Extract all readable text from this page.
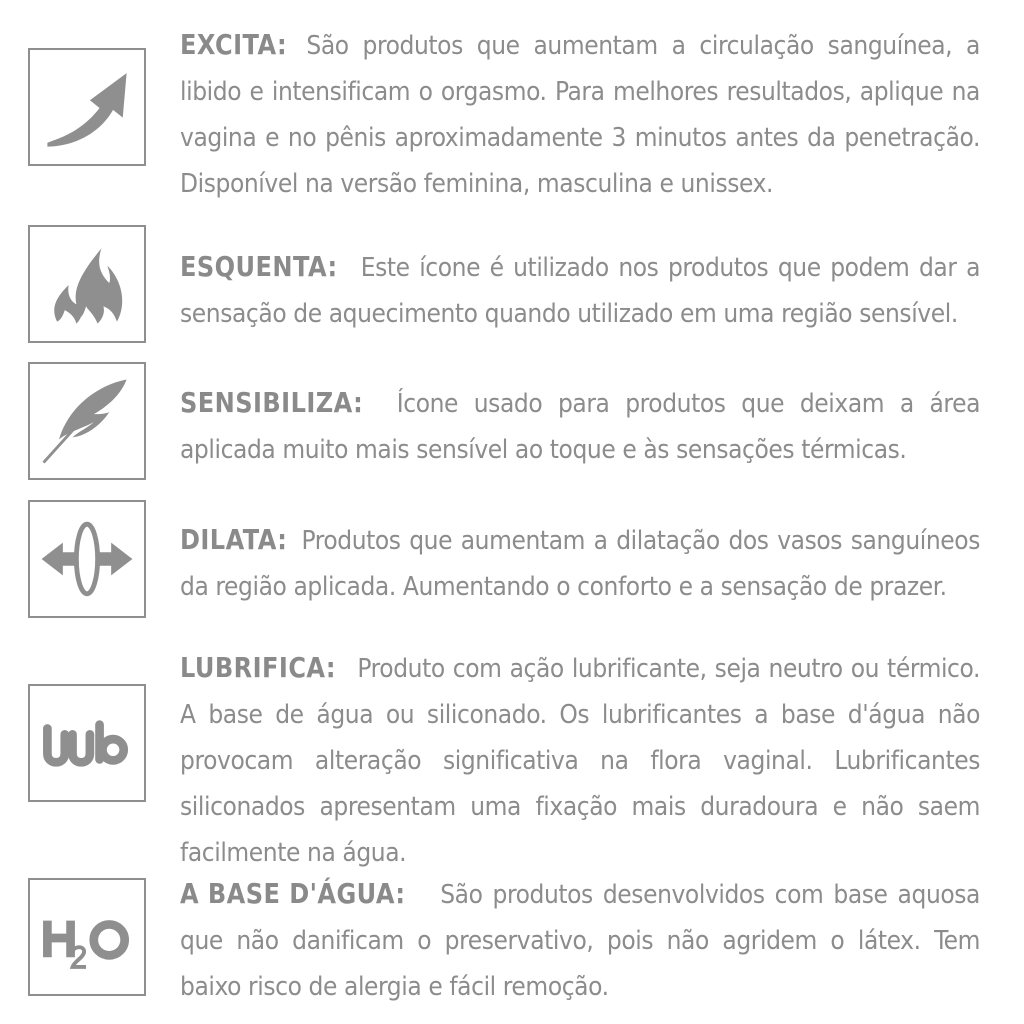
EXCITA: São produtos que aumentam a circulação sanguínea, a libido e intensificam o orgasmo. Para melhores resultados, aplique na vagina e no pênis aproximadamente 3 minutos antes da penetração. Disponível na versão feminina, masculina e unissex.
ESQUENTA: Este ícone é utilizado nos produtos que podem dar a sensação de aquecimento quando utilizado em uma região sensível.
SENSIBILIZA: Ícone usado para produtos que deixam a área aplicada muito mais sensível ao toque e às sensações térmicas.
DILATA: Produtos que aumentam a dilatação dos vasos sanguíneos da região aplicada. Aumentando o conforto e a sensação de prazer.
LUBRIFICA: Produto com ação lubrificante, seja neutro ou térmico. A base de água ou siliconado. Os lubrificantes a base d'água não provocam alteração significativa na flora vaginal. Lubrificantes siliconados apresentam uma fixação mais duradoura e não saem facilmente na água.
A BASE D'ÁGUA: São produtos desenvolvidos com base aquosa que não danificam o preservativo, pois não agridem o látex. Tem baixo risco de alergia e fácil remoção.
